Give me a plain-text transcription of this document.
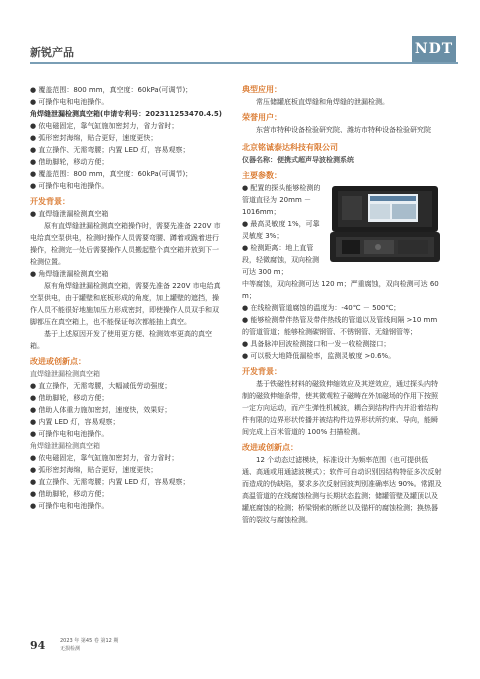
新锐产品	NDT

● 覆盖范围：800 mm，真空度：60kPa(可调节)；

● 可操作电和电池操作。

角焊缝泄漏检测真空箱(申请专利号：202311253470.4.5)

● 依电磁固定，靠气缸施加密封力，省力省时；

● 弧形密封海绵，贴合更好，速度更快；

● 直立操作、无需弯腰；内置 LED 灯，容易观察；

● 借助脚轮，移动方便；

● 覆盖范围：800 mm，真空度：60kPa(可调节)；

● 可操作电和电池操作。

开发背景：

● 直焊缝泄漏检测真空箱

原有直焊缝泄漏检测真空箱操作时，需要先准备 220V 市电给真空泵供电，检测时操作人员需要弯腰、蹲着或跪着进行操作，检测完一处后需要操作人员搬起整个真空箱并放到下一检测位置。

● 角焊缝泄漏检测真空箱

原有角焊缝泄漏检测真空箱，需要先准备 220V 市电给真空泵供电，由于罐壁和底板形成的角度，加上罐壁的遮挡，操作人员不能很好地施加压力形成密封，即使操作人员双手和双脚都压在真空箱上，也不能保证每次都能抽上真空。

基于上述原因开发了使用更方便、检测效率更高的真空箱。

改进或创新点：

直焊缝泄漏检测真空箱

● 直立操作，无需弯腰，大幅减低劳动强度；

● 借助脚轮，移动方便；

● 借助人体重力施加密封，速度快，效果好；

● 内置 LED 灯，容易观察；

● 可操作电和电池操作。

角焊缝泄漏检测真空箱

● 依电磁固定，靠气缸施加密封力，省力省时；

● 弧形密封海绵，贴合更好，速度更快；

● 直立操作、无需弯腰；内置 LED 灯，容易观察；

● 借助脚轮，移动方便；

● 可操作电和电池操作。

典型应用：

常压储罐底板直焊缝和角焊缝的泄漏检测。

荣誉用户：

东营市特种设备检验研究院、潍坊市特种设备检验研究院

北京铭诚泰达科技有限公司

仪器名称：便携式超声导波检测系统

主要参数：

● 配置的探头能够检测的管道直径为 20mm － 1016mm；

● 最高灵敏度 1%，可靠灵敏度 3%；

● 检测距离：地上直管段，轻微腐蚀，双向检测可达 300 m；

中等腐蚀，双向检测可达 120 m；严重腐蚀，双向检测可达 60 m；

● 在线检测管道腐蚀的温度为：-40℃ － 500℃；

● 能够检测带伴热管及带伴热线的管道以及管线间隔 >10 mm 的管道管道；能够检测碳钢管、不锈钢管、无缝钢管等；

● 具备脉冲回波检测接口和一发一收检测接口；

● 可以极大地降低漏检率，监测灵敏度 >0.6%。

开发背景：

基于铁磁性材料的磁致伸缩效应及其逆效应，通过探头内特制的磁致伸缩条带，使其微观粒子磁畴在外加磁场的作用下按照一定方向运动，而产生弹性机械波，耦合到结构件内并沿着结构件有限的边界形状传播并被结构件边界形状所约束、导向，能瞬间完成上百米管道的 100% 扫描检测。

改进或创新点：

12 个动态过滤模块，标准设计为频率范围（也可提供低通、高通或用通滤波模式）；软件可自动识别因结构特征多次反射而造成的伪缺陷，要求多次反射回波判别准确率达 90%。常跟及高温管道的在线腐蚀检测与长期状态监测；储罐管壁及罐顶以及罐底腐蚀的检测；桥梁钢索的断丝以及锚杆的腐蚀检测；换热器管的裂纹与腐蚀检测。

94	2023 年 第45 卷 第12 期
无损检测
